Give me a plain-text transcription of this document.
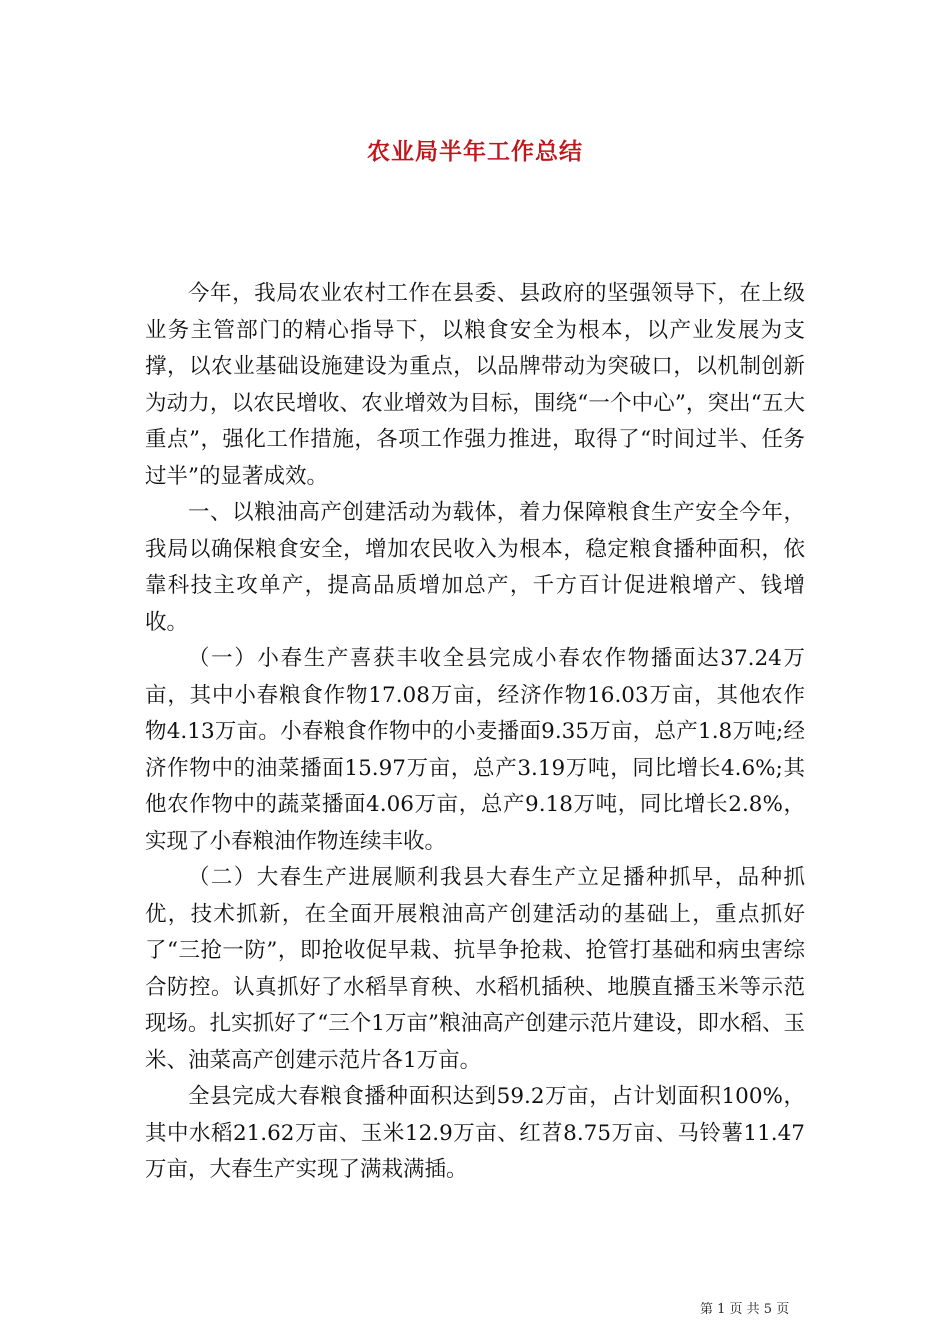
农业局半年工作总结

今年，我局农业农村工作在县委、县政府的坚强领导下，在上级业务主管部门的精心指导下，以粮食安全为根本，以产业发展为支撑，以农业基础设施建设为重点，以品牌带动为突破口，以机制创新为动力，以农民增收、农业增效为目标，围绕“一个中心”，突出“五大重点”，强化工作措施，各项工作强力推进，取得了“时间过半、任务过半”的显著成效。

一、以粮油高产创建活动为载体，着力保障粮食生产安全今年，我局以确保粮食安全，增加农民收入为根本，稳定粮食播种面积，依靠科技主攻单产，提高品质增加总产，千方百计促进粮增产、钱增收。

（一）小春生产喜获丰收全县完成小春农作物播面达37.24万亩，其中小春粮食作物17.08万亩，经济作物16.03万亩，其他农作物4.13万亩。小春粮食作物中的小麦播面9.35万亩，总产1.8万吨;经济作物中的油菜播面15.97万亩，总产3.19万吨，同比增长4.6%;其他农作物中的蔬菜播面4.06万亩，总产9.18万吨，同比增长2.8%，实现了小春粮油作物连续丰收。

（二）大春生产进展顺利我县大春生产立足播种抓早，品种抓优，技术抓新，在全面开展粮油高产创建活动的基础上，重点抓好了“三抢一防”，即抢收促早栽、抗旱争抢栽、抢管打基础和病虫害综合防控。认真抓好了水稻旱育秧、水稻机插秧、地膜直播玉米等示范现场。扎实抓好了“三个1万亩”粮油高产创建示范片建设，即水稻、玉米、油菜高产创建示范片各1万亩。

全县完成大春粮食播种面积达到59.2万亩，占计划面积100%，其中水稻21.62万亩、玉米12.9万亩、红苕8.75万亩、马铃薯11.47万亩，大春生产实现了满栽满插。

第 1 页 共 5 页
